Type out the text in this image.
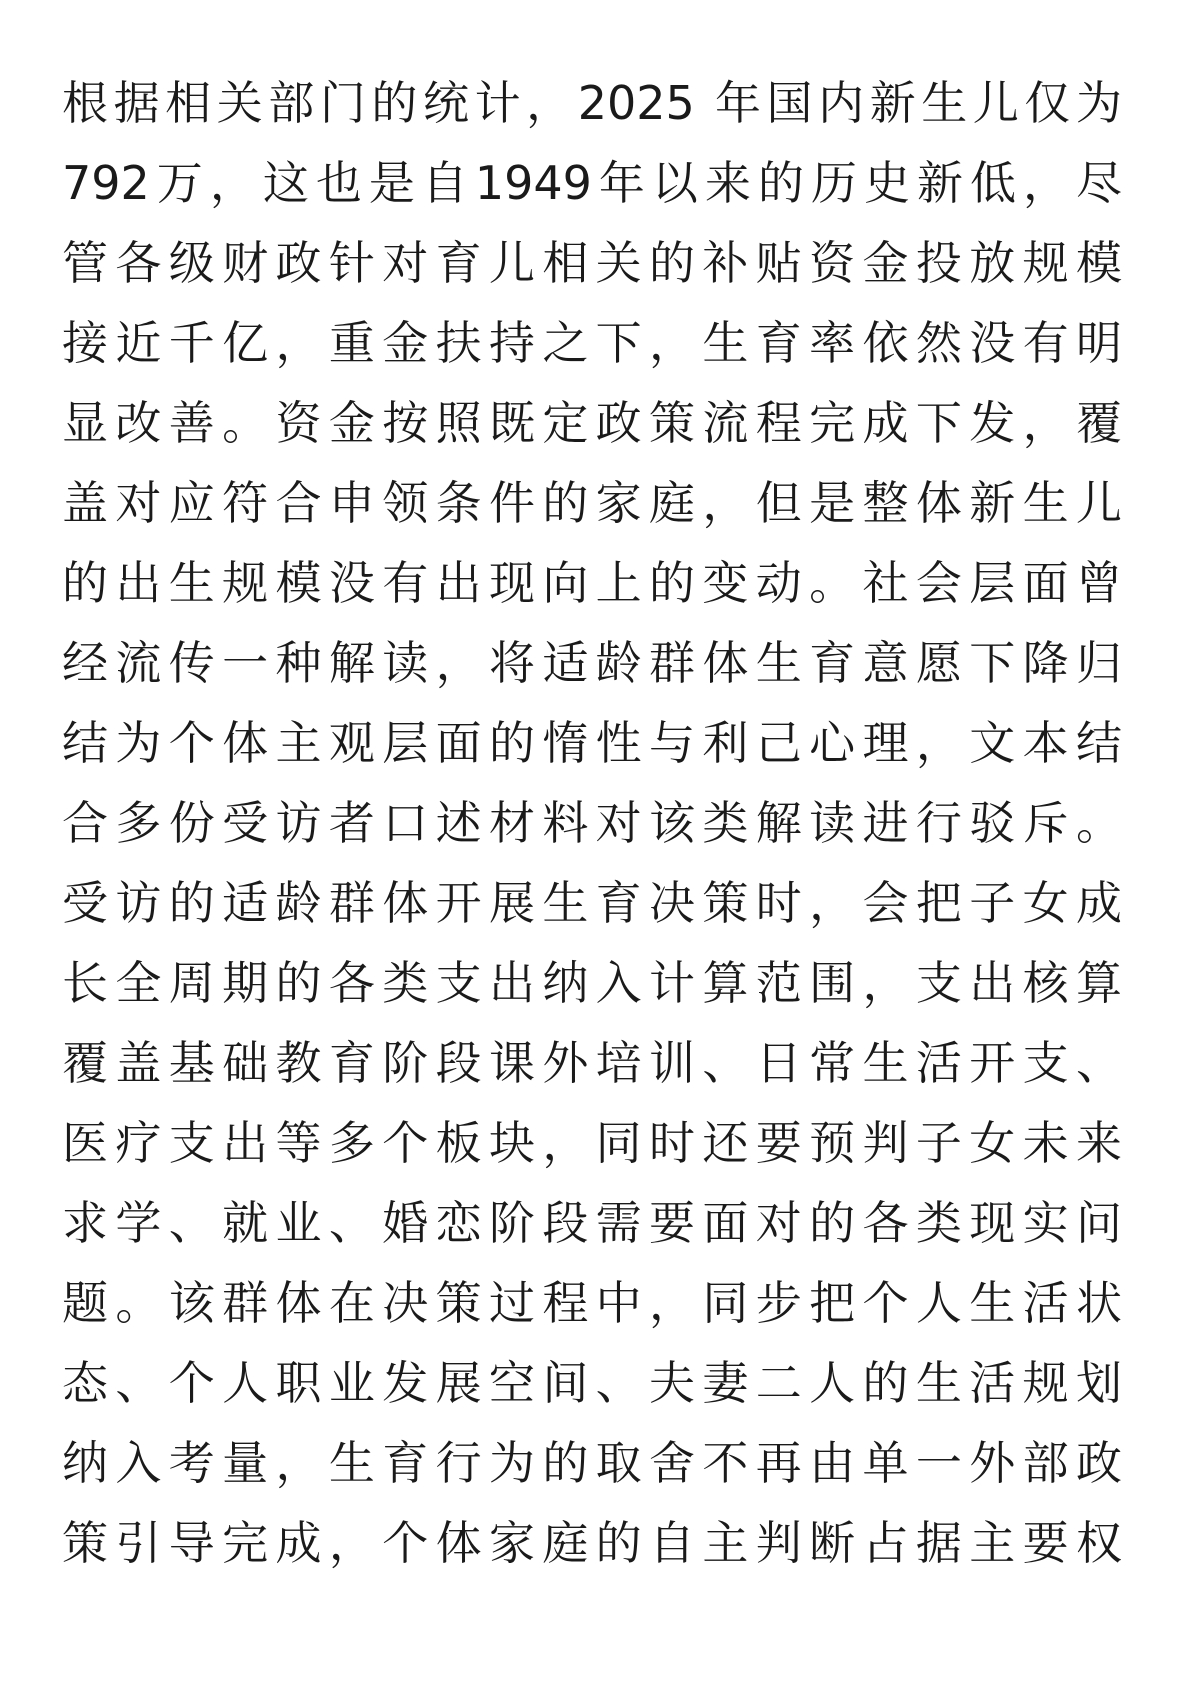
根据相关部门的统计，2025 年国内新生儿仅为
792万，这也是自1949年以来的历史新低，尽
管各级财政针对育儿相关的补贴资金投放规模
接近千亿，重金扶持之下，生育率依然没有明
显改善。资金按照既定政策流程完成下发，覆
盖对应符合申领条件的家庭，但是整体新生儿
的出生规模没有出现向上的变动。社会层面曾
经流传一种解读，将适龄群体生育意愿下降归
结为个体主观层面的惰性与利己心理，文本结
合多份受访者口述材料对该类解读进行驳斥。
受访的适龄群体开展生育决策时，会把子女成
长全周期的各类支出纳入计算范围，支出核算
覆盖基础教育阶段课外培训、日常生活开支、
医疗支出等多个板块，同时还要预判子女未来
求学、就业、婚恋阶段需要面对的各类现实问
题。该群体在决策过程中，同步把个人生活状
态、个人职业发展空间、夫妻二人的生活规划
纳入考量，生育行为的取舍不再由单一外部政
策引导完成，个体家庭的自主判断占据主要权
